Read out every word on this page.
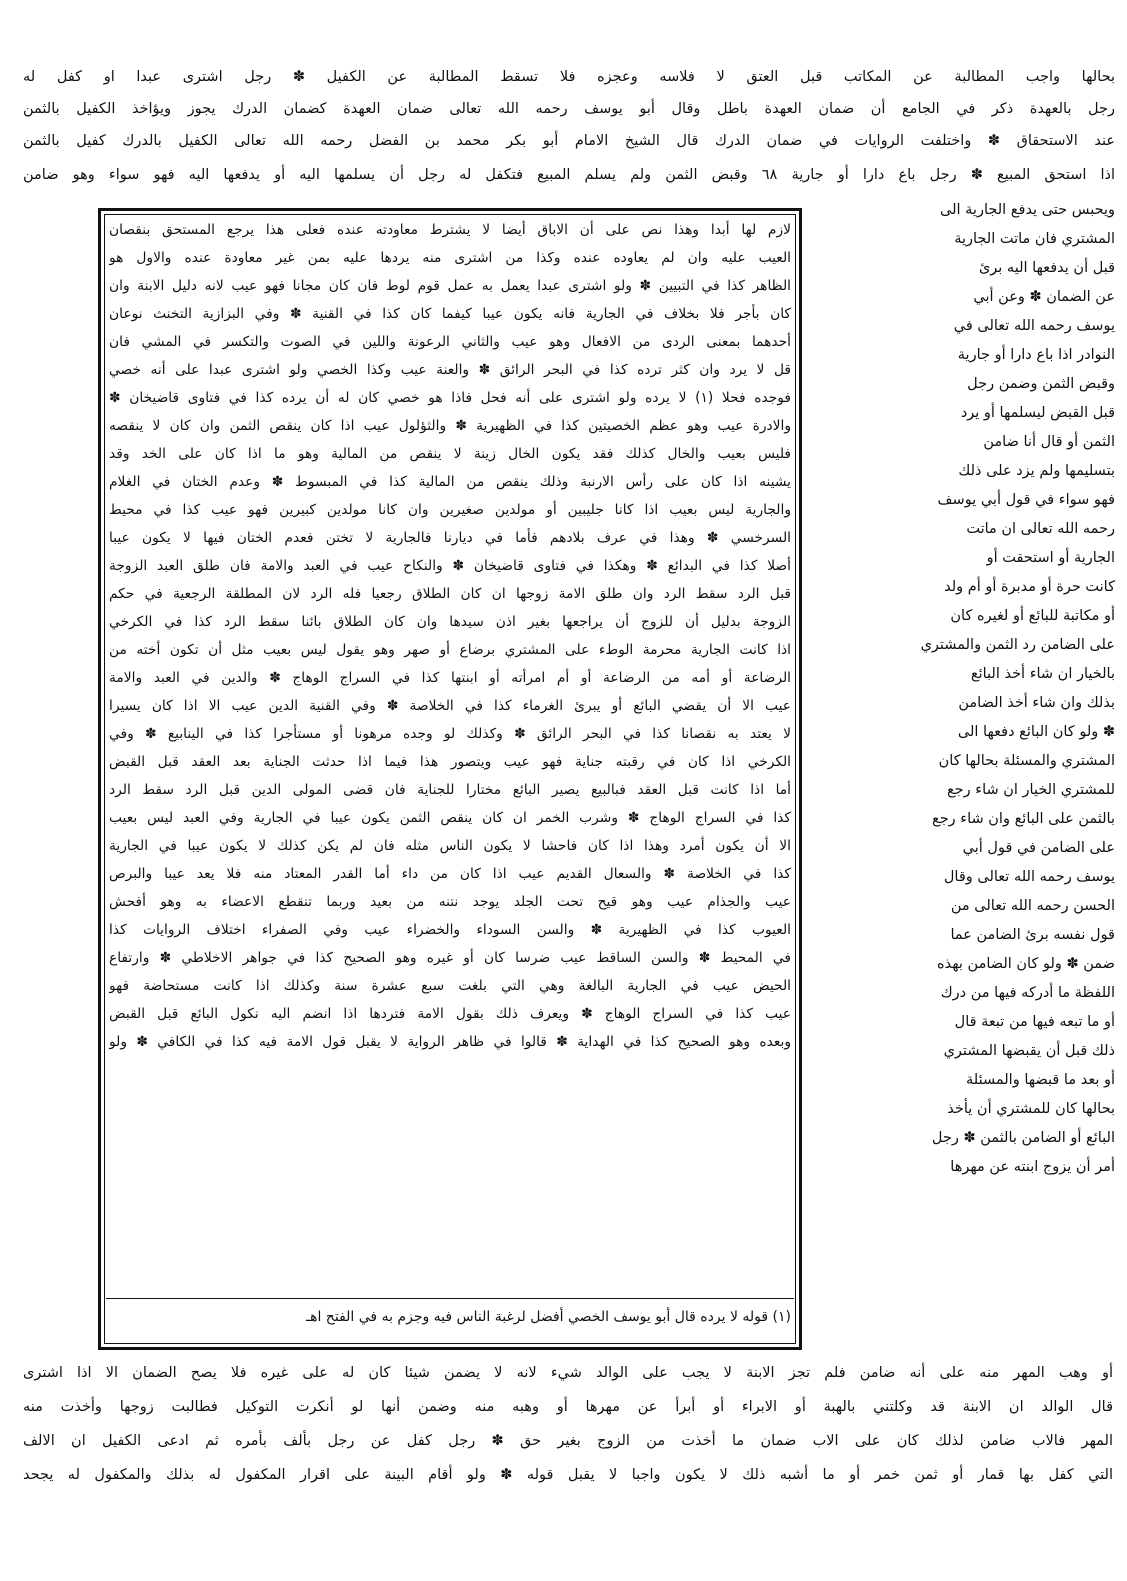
بحالها واجب المطالبة عن المكاتب قبل العتق لا فلاسه وعجزه فلا تسقط المطالبة عن الكفيل ✽ رجل اشترى عبدا او كفل له
رجل بالعهدة ذكر في الجامع أن ضمان العهدة باطل وقال أبو يوسف رحمه الله تعالى ضمان العهدة كضمان الدرك يجوز ويؤاخذ الكفيل بالثمن
عند الاستحقاق ✽ واختلفت الروايات في ضمان الدرك قال الشيخ الامام أبو بكر محمد بن الفضل رحمه الله تعالى الكفيل بالدرك كفيل بالثمن
اذا استحق المبيع ✽ رجل باع دارا أو جارية ٦٨ وقبض الثمن ولم يسلم المبيع فتكفل له رجل أن يسلمها اليه أو يدفعها اليه فهو سواء وهو ضامن
لازم لها أبدا وهذا نص على أن الاباق أيضا لا يشترط معاودته عنده فعلى هذا يرجع المستحق بنقصان
العيب عليه وان لم يعاوده عنده وكذا من اشترى منه يردها عليه بمن غير معاودة عنده والاول هو
الظاهر كذا في التبيين ✽ ولو اشترى عبدا يعمل به عمل قوم لوط فان كان مجانا فهو عيب لانه دليل الابنة وان
كان بأجر فلا بخلاف في الجارية فانه يكون عيبا كيفما كان كذا في القنية ✽ وفي البزازية التخنث نوعان
أحدهما بمعنى الردى من الافعال وهو عيب والثاني الرعونة واللين في الصوت والتكسر في المشي فان
قل لا يرد وان كثر ترده كذا في البحر الرائق ✽ والعنة عيب وكذا الخصي ولو اشترى عبدا على أنه خصي
فوجده فحلا (١) لا يرده ولو اشترى على أنه فحل فاذا هو خصي كان له أن يرده كذا في فتاوى قاضيخان ✽
والادرة عيب وهو عظم الخصيتين كذا في الظهيرية ✽ والثؤلول عيب اذا كان ينقص الثمن وان كان لا ينقصه
فليس بعيب والخال كذلك فقد يكون الخال زينة لا ينقص من المالية وهو ما اذا كان على الخد وقد
يشينه اذا كان على رأس الارنبة وذلك ينقص من المالية كذا في المبسوط ✽ وعدم الختان في الغلام
والجارية ليس بعيب اذا كانا جليبين أو مولدين صغيرين وان كانا مولدين كبيرين فهو عيب كذا في محيط
السرخسي ✽ وهذا في عرف بلادهم فأما في ديارنا فالجارية لا تختن فعدم الختان فيها لا يكون عيبا
أصلا كذا في البدائع ✽ وهكذا في فتاوى قاضيخان ✽ والنكاح عيب في العبد والامة فان طلق العبد الزوجة
قبل الرد سقط الرد وان طلق الامة زوجها ان كان الطلاق رجعيا فله الرد لان المطلقة الرجعية في حكم
الزوجة بدليل أن للزوج أن يراجعها بغير اذن سيدها وان كان الطلاق بائنا سقط الرد كذا في الكرخي
اذا كانت الجارية محرمة الوطء على المشتري برضاع أو صهر وهو يقول ليس بعيب مثل أن تكون أخته من
الرضاعة أو أمه من الرضاعة أو أم امرأته أو ابنتها كذا في السراج الوهاج ✽ والدين في العبد والامة
عيب الا أن يقضي البائع أو يبرئ الغرماء كذا في الخلاصة ✽ وفي القنية الدين عيب الا اذا كان يسيرا
لا يعتد به نقصانا كذا في البحر الرائق ✽ وكذلك لو وجده مرهونا أو مستأجرا كذا في الينابيع ✽ وفي
الكرخي اذا كان في رقبته جناية فهو عيب ويتصور هذا فيما اذا حدثت الجناية بعد العقد قبل القبض
أما اذا كانت قبل العقد فبالبيع يصير البائع مختارا للجناية فان قضى المولى الدين قبل الرد سقط الرد
كذا في السراج الوهاج ✽ وشرب الخمر ان كان ينقص الثمن يكون عيبا في الجارية وفي العبد ليس بعيب
الا أن يكون أمرد وهذا اذا كان فاحشا لا يكون الناس مثله فان لم يكن كذلك لا يكون عيبا في الجارية
كذا في الخلاصة ✽ والسعال القديم عيب اذا كان من داء أما القدر المعتاد منه فلا يعد عيبا والبرص
عيب والجذام عيب وهو قيح تحت الجلد يوجد نتنه من بعيد وربما تنقطع الاعضاء به وهو أفحش
العيوب كذا في الظهيرية ✽ والسن السوداء والخضراء عيب وفي الصفراء اختلاف الروايات كذا
في المحيط ✽ والسن الساقط عيب ضرسا كان أو غيره وهو الصحيح كذا في جواهر الاخلاطي ✽ وارتفاع
الحيض عيب في الجارية البالغة وهي التي بلغت سبع عشرة سنة وكذلك اذا كانت مستحاضة فهو
عيب كذا في السراج الوهاج ✽ ويعرف ذلك بقول الامة فتردها اذا انضم اليه نكول البائع قبل القبض
وبعده وهو الصحيح كذا في الهداية ✽ قالوا في ظاهر الرواية لا يقبل قول الامة فيه كذا في الكافي ✽ ولو
(١) قوله لا يرده قال أبو يوسف الخصي أفضل لرغبة الناس فيه وجزم به في الفتح اهـ
ويحبس حتى يدفع الجارية الى
المشتري فان ماتت الجارية
قبل أن يدفعها اليه برئ
عن الضمان ✽ وعن أبي
يوسف رحمه الله تعالى في
النوادر اذا باع دارا أو جارية
وقبض الثمن وضمن رجل
قبل القبض ليسلمها أو يرد
الثمن أو قال أنا ضامن
بتسليمها ولم يزد على ذلك
فهو سواء في قول أبي يوسف
رحمه الله تعالى ان ماتت
الجارية أو استحقت أو
كانت حرة أو مدبرة أو أم ولد
أو مكاتبة للبائع أو لغيره كان
على الضامن رد الثمن والمشتري
بالخيار ان شاء أخذ البائع
بذلك وان شاء أخذ الضامن
✽ ولو كان البائع دفعها الى
المشتري والمسئلة بحالها كان
للمشتري الخيار ان شاء رجع
بالثمن على البائع وان شاء رجع
على الضامن في قول أبي
يوسف رحمه الله تعالى وقال
الحسن رحمه الله تعالى من
قول نفسه برئ الضامن عما
ضمن ✽ ولو كان الضامن بهذه
اللفظة ما أدركه فيها من درك
أو ما تبعه فيها من تبعة قال
ذلك قبل أن يقبضها المشتري
أو بعد ما قبضها والمسئلة
بحالها كان للمشتري أن يأخذ
البائع أو الضامن بالثمن ✽ رجل
أمر أن يزوج ابنته عن مهرها
أو وهب المهر منه على أنه ضامن فلم تجز الابنة لا يجب على الوالد شيء لانه لا يضمن شيئا كان له على غيره فلا يصح الضمان الا اذا اشترى
قال الوالد ان الابنة قد وكلتني بالهبة أو الابراء أو أبرأ عن مهرها أو وهبه منه وضمن أنها لو أنكرت التوكيل فطالبت زوجها وأخذت منه
المهر فالاب ضامن لذلك كان على الاب ضمان ما أخذت من الزوج بغير حق ✽ رجل كفل عن رجل بألف بأمره ثم ادعى الكفيل ان الالف
التي كفل بها قمار أو ثمن خمر أو ما أشبه ذلك لا يكون واجبا لا يقبل قوله ✽ ولو أقام البينة على اقرار المكفول له بذلك والمكفول له يجحد
